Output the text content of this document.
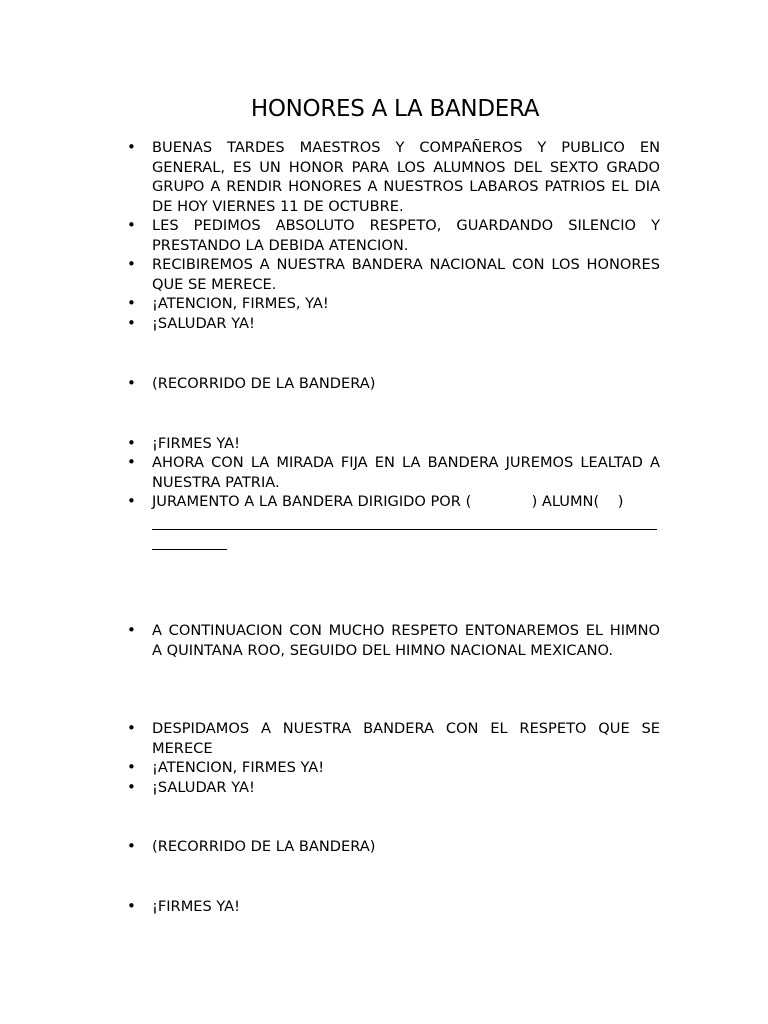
HONORES A LA BANDERA
• BUENAS TARDES MAESTROS Y COMPAÑEROS Y PUBLICO EN GENERAL, ES UN HONOR PARA LOS ALUMNOS DEL SEXTO GRADO GRUPO A RENDIR HONORES A NUESTROS LABAROS PATRIOS EL DIA DE HOY VIERNES 11 DE OCTUBRE.
• LES PEDIMOS ABSOLUTO RESPETO, GUARDANDO SILENCIO Y PRESTANDO LA DEBIDA ATENCION.
• RECIBIREMOS A NUESTRA BANDERA NACIONAL CON LOS HONORES QUE SE MERECE.
• ¡ATENCION, FIRMES, YA!
• ¡SALUDAR YA!
• (RECORRIDO DE LA BANDERA)
• ¡FIRMES YA!
• AHORA CON LA MIRADA FIJA EN LA BANDERA JUREMOS LEALTAD A NUESTRA PATRIA.
• JURAMENTO A LA BANDERA DIRIGIDO POR (             ) ALUMN(    )
• A CONTINUACION CON MUCHO RESPETO ENTONAREMOS EL HIMNO A QUINTANA ROO, SEGUIDO DEL HIMNO NACIONAL MEXICANO.
• DESPIDAMOS A NUESTRA BANDERA CON EL RESPETO QUE SE MERECE
• ¡ATENCION, FIRMES YA!
• ¡SALUDAR YA!
• (RECORRIDO DE LA BANDERA)
• ¡FIRMES YA!
